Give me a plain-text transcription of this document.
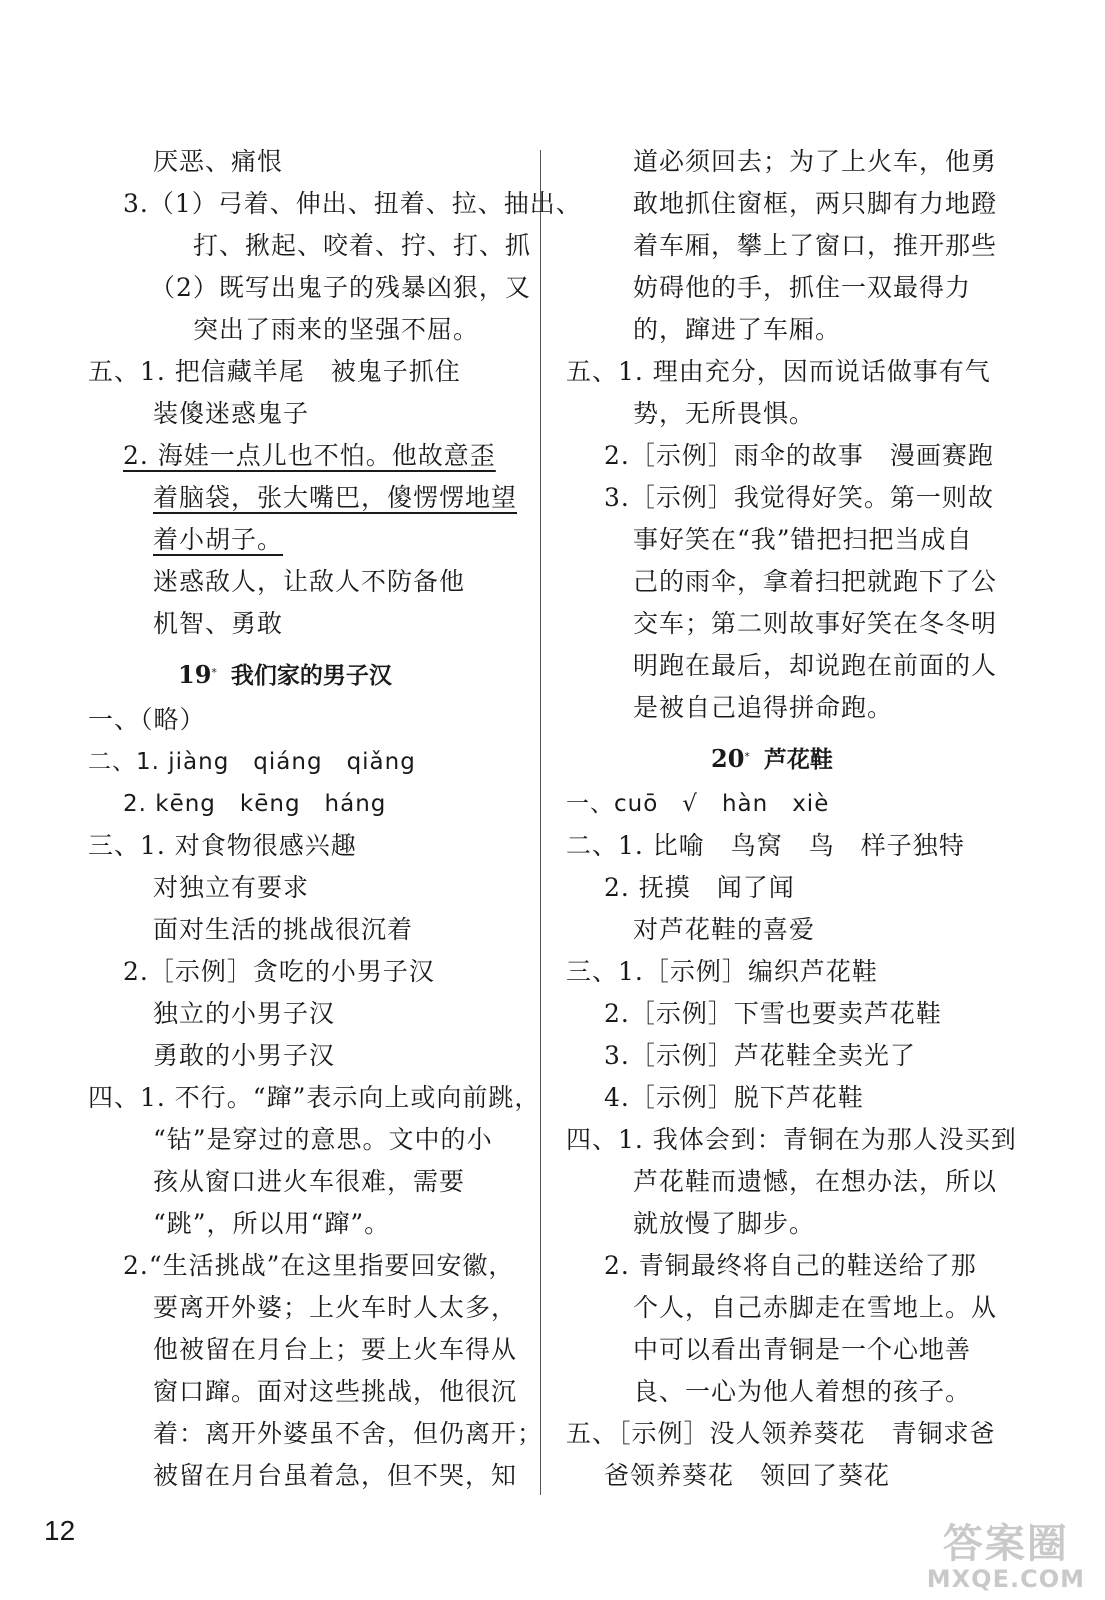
厌恶、痛恨
3.（1）弓着、伸出、扭着、拉、抽出、
打、揪起、咬着、拧、打、抓
（2）既写出鬼子的残暴凶狠，又
突出了雨来的坚强不屈。
五、1. 把信藏羊尾　被鬼子抓住
装傻迷惑鬼子
2. 海娃一点儿也不怕。他故意歪
着脑袋，张大嘴巴，傻愣愣地望
着小胡子。
迷惑敌人，让敌人不防备他
机智、勇敢
19* 我们家的男子汉
一、（略）
二、1. jiàng　qiáng　qiǎng
2. kēng　kēng　háng
三、1. 对食物很感兴趣
对独立有要求
面对生活的挑战很沉着
2.［示例］贪吃的小男子汉
独立的小男子汉
勇敢的小男子汉
四、1. 不行。“蹿”表示向上或向前跳，
“钻”是穿过的意思。文中的小
孩从窗口进火车很难，需要
“跳”，所以用“蹿”。
2.“生活挑战”在这里指要回安徽，
要离开外婆；上火车时人太多，
他被留在月台上；要上火车得从
窗口蹿。面对这些挑战，他很沉
着：离开外婆虽不舍，但仍离开；
被留在月台虽着急，但不哭，知
道必须回去；为了上火车，他勇
敢地抓住窗框，两只脚有力地蹬
着车厢，攀上了窗口，推开那些
妨碍他的手，抓住一双最得力
的，蹿进了车厢。
五、1. 理由充分，因而说话做事有气
势，无所畏惧。
2.［示例］雨伞的故事　漫画赛跑
3.［示例］我觉得好笑。第一则故
事好笑在“我”错把扫把当成自
己的雨伞，拿着扫把就跑下了公
交车；第二则故事好笑在冬冬明
明跑在最后，却说跑在前面的人
是被自己追得拼命跑。
20* 芦花鞋
一、cuō　√　hàn　xiè
二、1. 比喻　鸟窝　鸟　样子独特
2. 抚摸　闻了闻
对芦花鞋的喜爱
三、1.［示例］编织芦花鞋
2.［示例］下雪也要卖芦花鞋
3.［示例］芦花鞋全卖光了
4.［示例］脱下芦花鞋
四、1. 我体会到：青铜在为那人没买到
芦花鞋而遗憾，在想办法，所以
就放慢了脚步。
2. 青铜最终将自己的鞋送给了那
个人，自己赤脚走在雪地上。从
中可以看出青铜是一个心地善
良、一心为他人着想的孩子。
五、［示例］没人领养葵花　青铜求爸
爸领养葵花　领回了葵花
12	答案圈
MXQE.COM
